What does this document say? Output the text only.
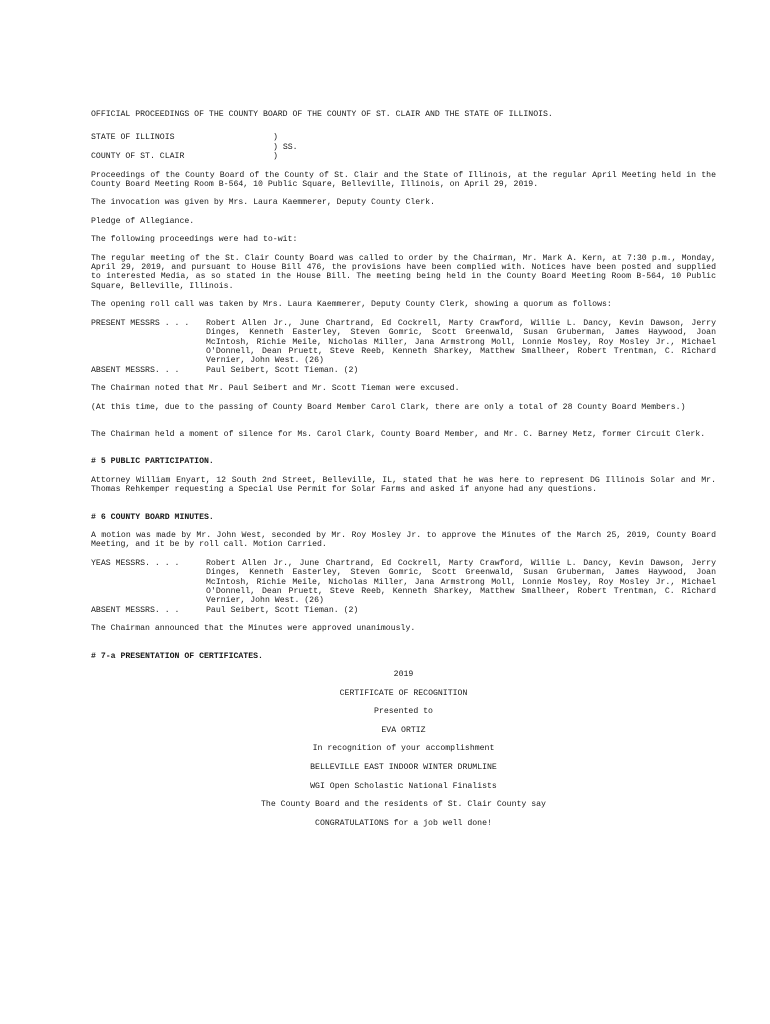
OFFICIAL PROCEEDINGS OF THE COUNTY BOARD OF THE COUNTY OF ST. CLAIR AND THE STATE OF ILLINOIS.

STATE OF ILLINOIS	)
) SS.
COUNTY OF ST. CLAIR	)

Proceedings of the County Board of the County of St. Clair and the State of Illinois, at the regular April Meeting held in the County Board Meeting Room B-564, 10 Public Square, Belleville, Illinois, on April 29, 2019.

The invocation was given by Mrs. Laura Kaemmerer, Deputy County Clerk.

Pledge of Allegiance.

The following proceedings were had to-wit:

The regular meeting of the St. Clair County Board was called to order by the Chairman, Mr. Mark A. Kern, at 7:30 p.m., Monday, April 29, 2019, and pursuant to House Bill 476, the provisions have been complied with. Notices have been posted and supplied to interested Media, as so stated in the House Bill. The meeting being held in the County Board Meeting Room B-564, 10 Public Square, Belleville, Illinois.

The opening roll call was taken by Mrs. Laura Kaemmerer, Deputy County Clerk, showing a quorum as follows:

PRESENT MESSRS . . .	Robert Allen Jr., June Chartrand, Ed Cockrell, Marty Crawford, Willie L. Dancy, Kevin Dawson, Jerry Dinges, Kenneth Easterley, Steven Gomric, Scott Greenwald, Susan Gruberman, James Haywood, Joan McIntosh, Richie Meile, Nicholas Miller, Jana Armstrong Moll, Lonnie Mosley, Roy Mosley Jr., Michael O'Donnell, Dean Pruett, Steve Reeb, Kenneth Sharkey, Matthew Smallheer, Robert Trentman, C. Richard Vernier, John West. (26)
ABSENT MESSRS. . .	Paul Seibert, Scott Tieman. (2)

The Chairman noted that Mr. Paul Seibert and Mr. Scott Tieman were excused.

(At this time, due to the passing of County Board Member Carol Clark, there are only a total of 28 County Board Members.)

The Chairman held a moment of silence for Ms. Carol Clark, County Board Member, and Mr. C. Barney Metz, former Circuit Clerk.

# 5 PUBLIC PARTICIPATION.

Attorney William Enyart, 12 South 2nd Street, Belleville, IL, stated that he was here to represent DG Illinois Solar and Mr. Thomas Rehkemper requesting a Special Use Permit for Solar Farms and asked if anyone had any questions.

# 6 COUNTY BOARD MINUTES.

A motion was made by Mr. John West, seconded by Mr. Roy Mosley Jr. to approve the Minutes of the March 25, 2019, County Board Meeting, and it be by roll call. Motion Carried.

YEAS MESSRS. . . .	Robert Allen Jr., June Chartrand, Ed Cockrell, Marty Crawford, Willie L. Dancy, Kevin Dawson, Jerry Dinges, Kenneth Easterley, Steven Gomric, Scott Greenwald, Susan Gruberman, James Haywood, Joan McIntosh, Richie Meile, Nicholas Miller, Jana Armstrong Moll, Lonnie Mosley, Roy Mosley Jr., Michael O'Donnell, Dean Pruett, Steve Reeb, Kenneth Sharkey, Matthew Smallheer, Robert Trentman, C. Richard Vernier, John West. (26)
ABSENT MESSRS. . .	Paul Seibert, Scott Tieman. (2)

The Chairman announced that the Minutes were approved unanimously.

# 7-a PRESENTATION OF CERTIFICATES.

2019

CERTIFICATE OF RECOGNITION

Presented to

EVA ORTIZ

In recognition of your accomplishment

BELLEVILLE EAST INDOOR WINTER DRUMLINE

WGI Open Scholastic National Finalists

The County Board and the residents of St. Clair County say

CONGRATULATIONS for a job well done!
